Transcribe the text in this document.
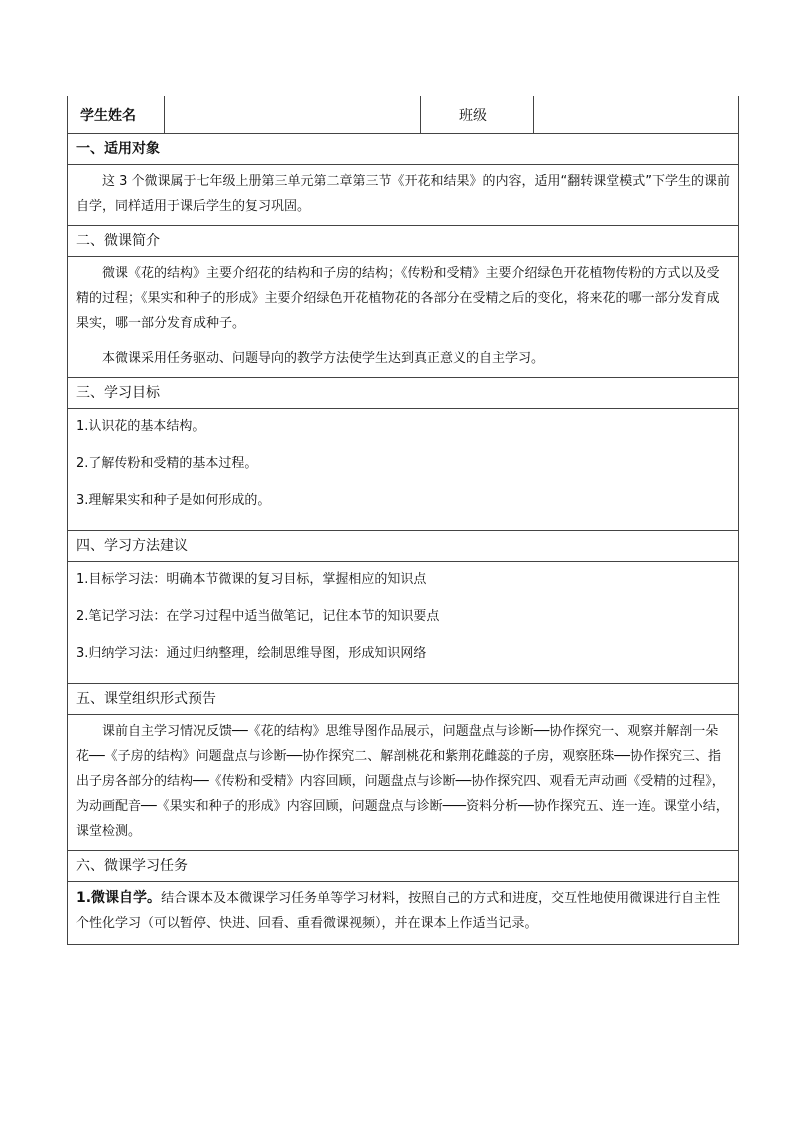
学生姓名	班级
一、适用对象

这 3 个微课属于七年级上册第三单元第二章第三节《开花和结果》的内容，适用“翻转课堂模式”下学生的课前自学，同样适用于课后学生的复习巩固。

二、微课简介

微课《花的结构》主要介绍花的结构和子房的结构；《传粉和受精》主要介绍绿色开花植物传粉的方式以及受精的过程；《果实和种子的形成》主要介绍绿色开花植物花的各部分在受精之后的变化，将来花的哪一部分发育成果实，哪一部分发育成种子。

本微课采用任务驱动、问题导向的教学方法使学生达到真正意义的自主学习。

三、学习目标
1.认识花的基本结构。
2.了解传粉和受精的基本过程。
3.理解果实和种子是如何形成的。
四、学习方法建议
1.目标学习法：明确本节微课的复习目标，掌握相应的知识点
2.笔记学习法：在学习过程中适当做笔记，记住本节的知识要点
3.归纳学习法：通过归纳整理，绘制思维导图，形成知识网络
五、课堂组织形式预告

课前自主学习情况反馈──《花的结构》思维导图作品展示，问题盘点与诊断──协作探究一、观察并解剖一朵花──《子房的结构》问题盘点与诊断──协作探究二、解剖桃花和紫荆花雌蕊的子房，观察胚珠──协作探究三、指出子房各部分的结构──《传粉和受精》内容回顾，问题盘点与诊断──协作探究四、观看无声动画《受精的过程》，为动画配音──《果实和种子的形成》内容回顾，问题盘点与诊断───资料分析──协作探究五、连一连。课堂小结，课堂检测。

六、微课学习任务
1.微课自学。结合课本及本微课学习任务单等学习材料，按照自己的方式和进度，交互性地使用微课进行自主性个性化学习（可以暂停、快进、回看、重看微课视频），并在课本上作适当记录。
